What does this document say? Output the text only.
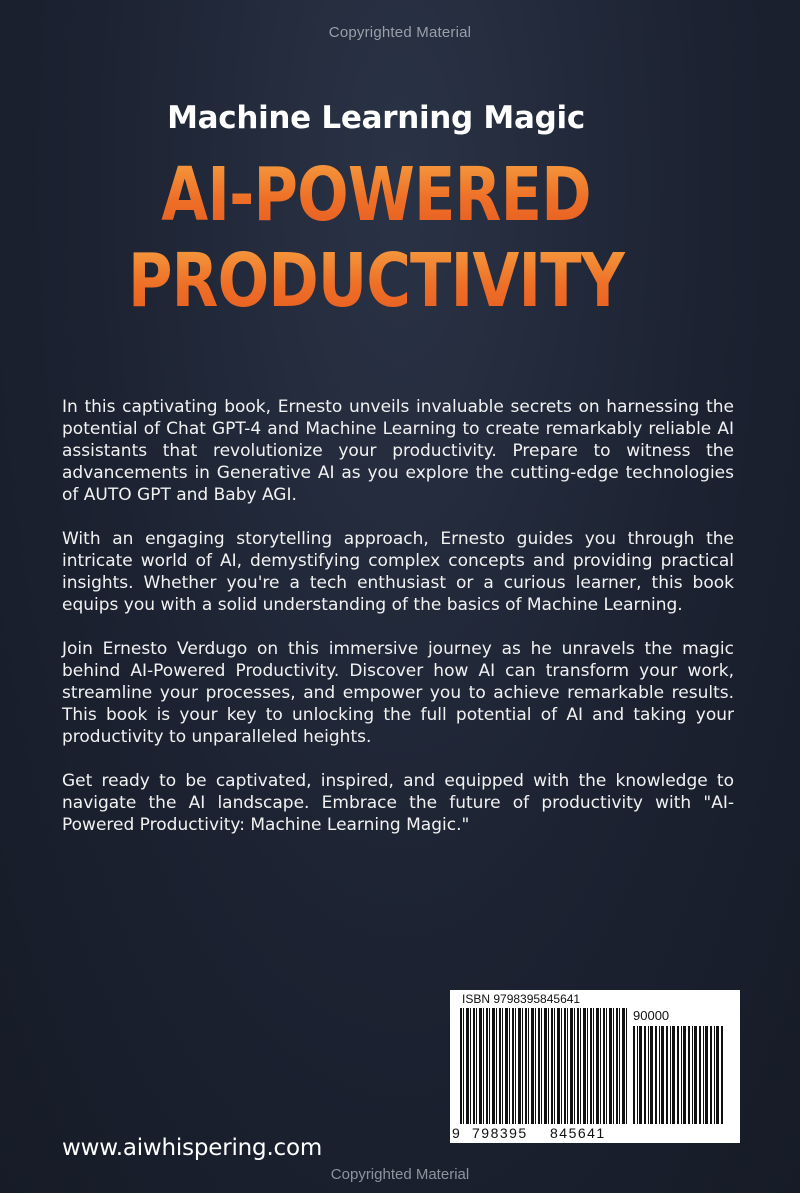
Copyrighted Material
Machine Learning Magic
AI-POWERED
PRODUCTIVITY

In this captivating book, Ernesto unveils invaluable secrets on harnessing the potential of Chat GPT-4 and Machine Learning to create remarkably reliable AI assistants that revolutionize your productivity. Prepare to witness the advancements in Generative AI as you explore the cutting-edge technologies of AUTO GPT and Baby AGI.

With an engaging storytelling approach, Ernesto guides you through the intricate world of AI, demystifying complex concepts and providing practical insights. Whether you're a tech enthusiast or a curious learner, this book equips you with a solid understanding of the basics of Machine Learning.

Join Ernesto Verdugo on this immersive journey as he unravels the magic behind AI-Powered Productivity. Discover how AI can transform your work, streamline your processes, and empower you to achieve remarkable results. This book is your key to unlocking the full potential of AI and taking your productivity to unparalleled heights.

Get ready to be captivated, inspired, and equipped with the knowledge to navigate the AI landscape. Embrace the future of productivity with "AI-Powered Productivity: Machine Learning Magic."

ISBN 9798395845641
90000
9 798395 845641
www.aiwhispering.com
Copyrighted Material
